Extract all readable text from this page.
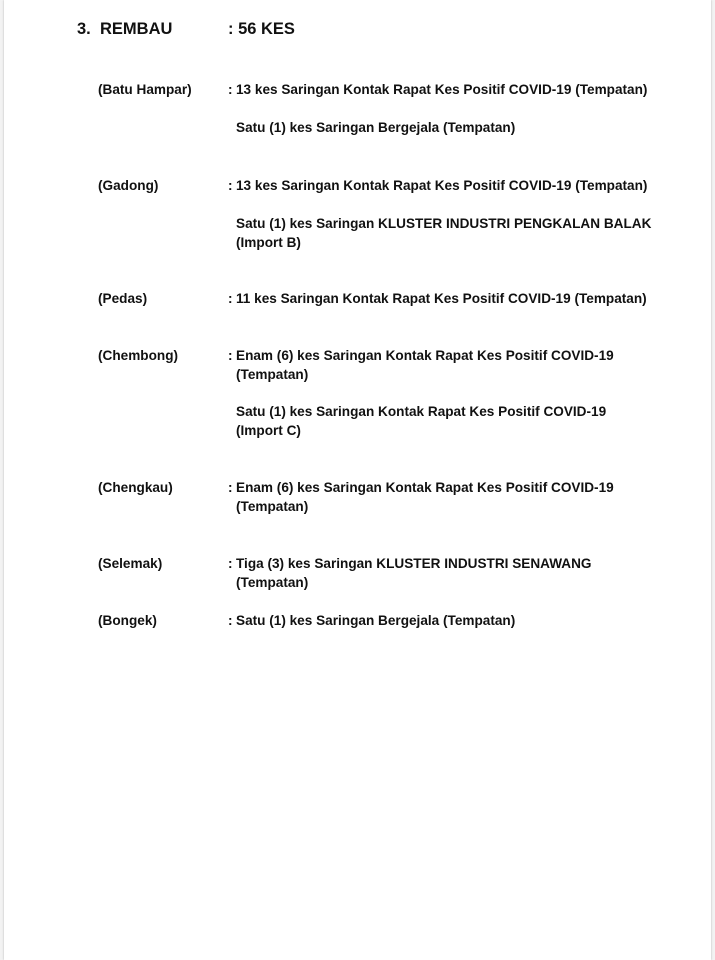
3. REMBAU	: 56 KES
(Batu Hampar)	: 13 kes Saringan Kontak Rapat Kes Positif COVID-19 (Tempatan)
Satu (1) kes Saringan Bergejala (Tempatan)
(Gadong)	: 13 kes Saringan Kontak Rapat Kes Positif COVID-19 (Tempatan)
Satu (1) kes Saringan KLUSTER INDUSTRI PENGKALAN BALAK
(Import B)
(Pedas)	: 11 kes Saringan Kontak Rapat Kes Positif COVID-19 (Tempatan)
(Chembong)	: Enam (6) kes Saringan Kontak Rapat Kes Positif COVID-19
(Tempatan)
Satu (1) kes Saringan Kontak Rapat Kes Positif COVID-19
(Import C)
(Chengkau)	: Enam (6) kes Saringan Kontak Rapat Kes Positif COVID-19
(Tempatan)
(Selemak)	: Tiga (3) kes Saringan KLUSTER INDUSTRI SENAWANG
(Tempatan)
(Bongek)	: Satu (1) kes Saringan Bergejala (Tempatan)
